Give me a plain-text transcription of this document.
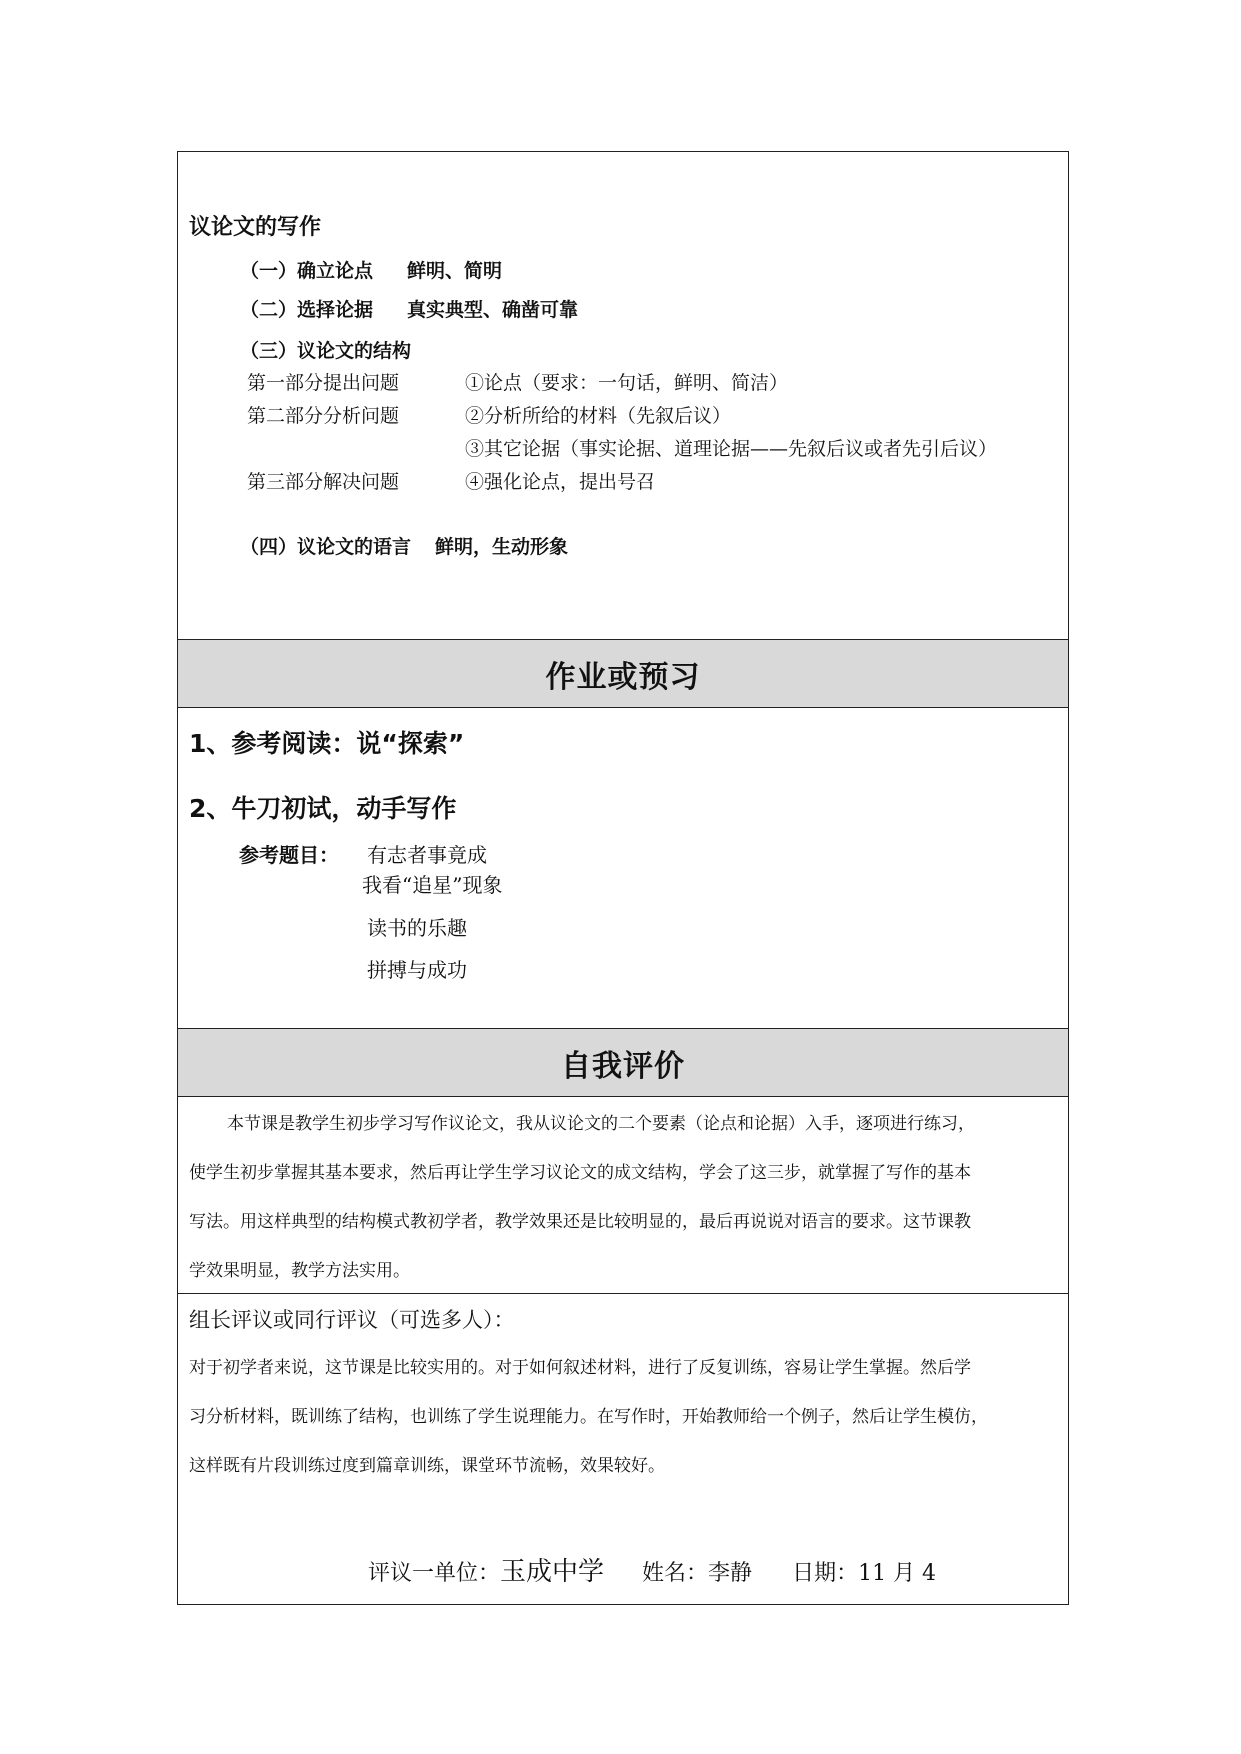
议论文的写作
（一）确立论点 鲜明、简明
（二）选择论据 真实典型、确凿可靠
（三）议论文的结构
第一部分提出问题	①论点（要求：一句话，鲜明、简洁）
第二部分分析问题	②分析所给的材料（先叙后议）
③其它论据（事实论据、道理论据——先叙后议或者先引后议）
第三部分解决问题	④强化论点，提出号召
（四）议论文的语言 鲜明，生动形象
作业或预习
1、参考阅读：说“探索”
2、牛刀初试，动手写作
参考题目： 有志者事竟成
我看“追星”现象
读书的乐趣
拼搏与成功
自我评价
本节课是教学生初步学习写作议论文，我从议论文的二个要素（论点和论据）入手，逐项进行练习，
使学生初步掌握其基本要求，然后再让学生学习议论文的成文结构，学会了这三步，就掌握了写作的基本
写法。用这样典型的结构模式教初学者，教学效果还是比较明显的，最后再说说对语言的要求。这节课教
学效果明显，教学方法实用。
组长评议或同行评议（可选多人）：
对于初学者来说，这节课是比较实用的。对于如何叙述材料，进行了反复训练，容易让学生掌握。然后学
习分析材料，既训练了结构，也训练了学生说理能力。在写作时，开始教师给一个例子，然后让学生模仿，
这样既有片段训练过度到篇章训练，课堂环节流畅，效果较好。
评议一单位：玉成中学 姓名：李静 日期：11 月 4
